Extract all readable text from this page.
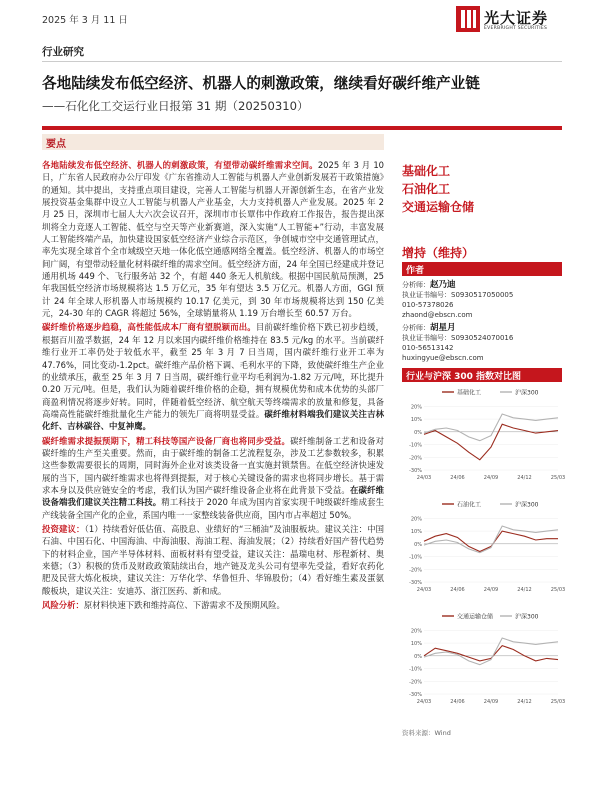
2025 年 3 月 11 日	光大证券
EVERBRIGHT SECURITIES
行业研究
各地陆续发布低空经济、机器人的刺激政策，继续看好碳纤维产业链
——石化化工交运行业日报第 31 期（20250310）
要点

各地陆续发布低空经济、机器人的刺激政策，有望带动碳纤维需求空间。2025 年 3 月 10 日，广东省人民政府办公厅印发《广东省推动人工智能与机器人产业创新发展若干政策措施》的通知。其中提出，支持重点项目建设，完善人工智能与机器人开源创新生态，在省产业发展投资基金集群中设立人工智能与机器人产业基金，大力支持机器人产业发展。2025 年 2 月 25 日，深圳市七届人大六次会议召开，深圳市市长覃伟中作政府工作报告，报告提出深圳将全力竞逐人工智能、低空与空天等产业新赛道，深入实施“人工智能+”行动，丰富发展人工智能终端产品，加快建设国家低空经济产业综合示范区，争创城市空中交通管理试点，率先实现全球首个全市域级空天地一体化低空通感网络全覆盖。低空经济、机器人的市场空间广阔，有望带动轻量化材料碳纤维的需求空间。低空经济方面，24 年全国已经建成并登记通用机场 449 个、飞行服务站 32 个，有超 440 条无人机航线。根据中国民航局预测，25 年我国低空经济市场规模将达 1.5 万亿元，35 年有望达 3.5 万亿元。机器人方面，GGI 预计 24 年全球人形机器人市场规模约 10.17 亿美元，到 30 年市场规模将达到 150 亿美元，24-30 年的 CAGR 将超过 56%，全球销量将从 1.19 万台增长至 60.57 万台。

碳纤维价格逐步趋稳，高性能低成本厂商有望脱颖而出。目前碳纤维价格下跌已初步趋缓，根据百川盈孚数据，24 年 12 月以来国内碳纤维价格维持在 83.5 元/kg 的水平。当前碳纤维行业开工率仍处于较低水平，截至 25 年 3 月 7 日当周，国内碳纤维行业开工率为 47.76%，同比变动-1.2pct。碳纤维产品价格下调、毛利水平的下降，致使碳纤维生产企业的业绩承压，截至 25 年 3 月 7 日当周，碳纤维行业平均毛利润为-1.82 万元/吨，环比提升 0.20 万元/吨。但是，我们认为随着碳纤维价格的企稳，拥有规模优势和成本优势的头部厂商盈利情况将逐步好转。同时，伴随着低空经济、航空航天等终端需求的放量和修复，具备高端高性能碳纤维批量化生产能力的领先厂商将明显受益。碳纤维材料端我们建议关注吉林化纤、吉林碳谷、中复神鹰。

碳纤维需求提振预期下，精工科技等国产设备厂商也将同步受益。碳纤维制备工艺和设备对碳纤维的生产至关重要。然而，由于碳纤维的制备工艺流程复杂，涉及工艺参数较多，积累这些参数需要很长的周期，同时海外企业对该类设备一直实施封锁禁售。在低空经济快速发展的当下，国内碳纤维需求也将得到提振，对于核心关键设备的需求也将同步增长。基于需求本身以及供应链安全的考虑，我们认为国产碳纤维设备企业将在此背景下受益。在碳纤维设备端我们建议关注精工科技。精工科技于 2020 年成为国内首家实现千吨级碳纤维成套生产线装备全国产化的企业，系国内唯一一家整线装备供应商，国内市占率超过 50%。

投资建议：（1）持续看好低估值、高股息、业绩好的“三桶油”及油服板块。建议关注：中国石油、中国石化、中国海油、中海油服、海油工程、海油发展；（2）持续看好国产替代趋势下的材料企业，国产半导体材料、面板材料有望受益，建议关注：晶瑞电材、彤程新材、奥来德；（3）积极的货币及财政政策陆续出台，地产链及龙头公司有望率先受益，看好农药化肥及民营大炼化板块，建议关注：万华化学、华鲁恒升、华锦股份；（4）看好维生素及蛋氨酸板块，建议关注：安迪苏、浙江医药、新和成。

风险分析：原材料快速下跌和维持高位、下游需求不及预期风险。

基础化工
石油化工
交通运输仓储
增持（维持）
作者
分析师：赵乃迪
执业证书编号：S0930517050005
010-57378026
zhaond@ebscn.com
分析师：胡星月
执业证书编号：S0930524070016
010-56513142
huxingyue@ebscn.com
行业与沪深 300 指数对比图
基础化工	沪深300
-30%
-20%
-10%
0%
10%
20%
24/03	24/06	24/09	24/12	25/03
石油化工	沪深300
-30%
-20%
-10%
0%
10%
20%
24/03	24/06	24/09	24/12	25/03
交通运输仓储	沪深300
-30%
-20%
-10%
0%
10%
20%
24/03	24/06	24/09	24/12	25/03
资料来源：Wind
